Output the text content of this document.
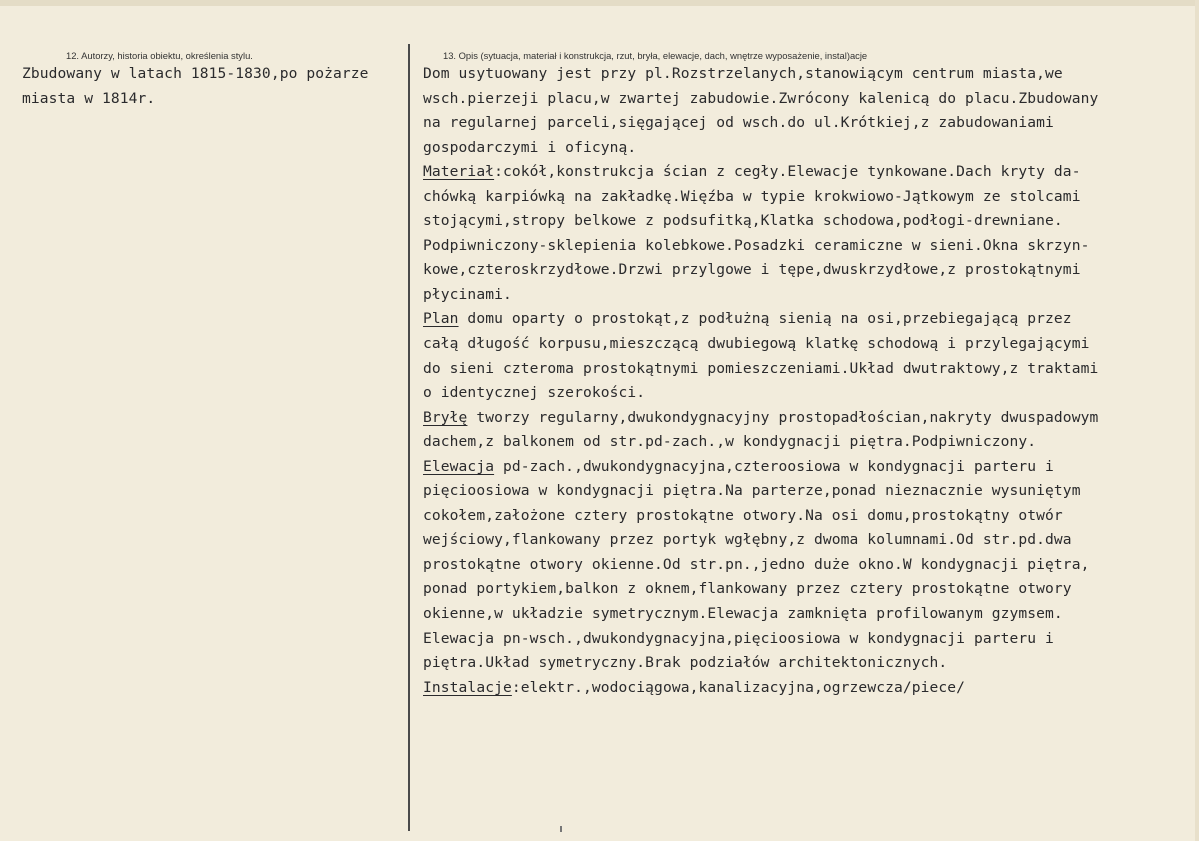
12. Autorzy, historia obiektu, określenia stylu.	13. Opis (sytuacja, materiał i konstrukcja, rzut, bryła, elewacje, dach, wnętrze wyposażenie, instal)acje
Zbudowany w latach 1815-1830,po pożarze
miasta w 1814r.
Dom usytuowany jest przy pl.Rozstrzelanych,stanowiącym centrum miasta,we
wsch.pierzeji placu,w zwartej zabudowie.Zwrócony kalenicą do placu.Zbudowany
na regularnej parceli,sięgającej od wsch.do ul.Krótkiej,z zabudowaniami
gospodarczymi i oficyną.
Materiał:cokół,konstrukcja ścian z cegły.Elewacje tynkowane.Dach kryty da-
chówką karpiówką na zakładkę.Więźba w typie krokwiowo-Jątkowym ze stolcami
stojącymi,stropy belkowe z podsufitką,Klatka schodowa,podłogi-drewniane.
Podpiwniczony-sklepienia kolebkowe.Posadzki ceramiczne w sieni.Okna skrzyn-
kowe,czteroskrzydłowe.Drzwi przylgowe i tępe,dwuskrzydłowe,z prostokątnymi
płycinami.
Plan domu oparty o prostokąt,z podłużną sienią na osi,przebiegającą przez
całą długość korpusu,mieszczącą dwubiegową klatkę schodową i przylegającymi
do sieni czteroma prostokątnymi pomieszczeniami.Układ dwutraktowy,z traktami
o identycznej szerokości.
Bryłę tworzy regularny,dwukondygnacyjny prostopadłościan,nakryty dwuspadowym
dachem,z balkonem od str.pd-zach.,w kondygnacji piętra.Podpiwniczony.
Elewacja pd-zach.,dwukondygnacyjna,czteroosiowa w kondygnacji parteru i
pięcioosiowa w kondygnacji piętra.Na parterze,ponad nieznacznie wysuniętym
cokołem,założone cztery prostokątne otwory.Na osi domu,prostokątny otwór
wejściowy,flankowany przez portyk wgłębny,z dwoma kolumnami.Od str.pd.dwa
prostokątne otwory okienne.Od str.pn.,jedno duże okno.W kondygnacji piętra,
ponad portykiem,balkon z oknem,flankowany przez cztery prostokątne otwory
okienne,w układzie symetrycznym.Elewacja zamknięta profilowanym gzymsem.
Elewacja pn-wsch.,dwukondygnacyjna,pięcioosiowa w kondygnacji parteru i
piętra.Układ symetryczny.Brak podziałów architektonicznych.
Instalacje:elektr.,wodociągowa,kanalizacyjna,ogrzewcza/piece/
